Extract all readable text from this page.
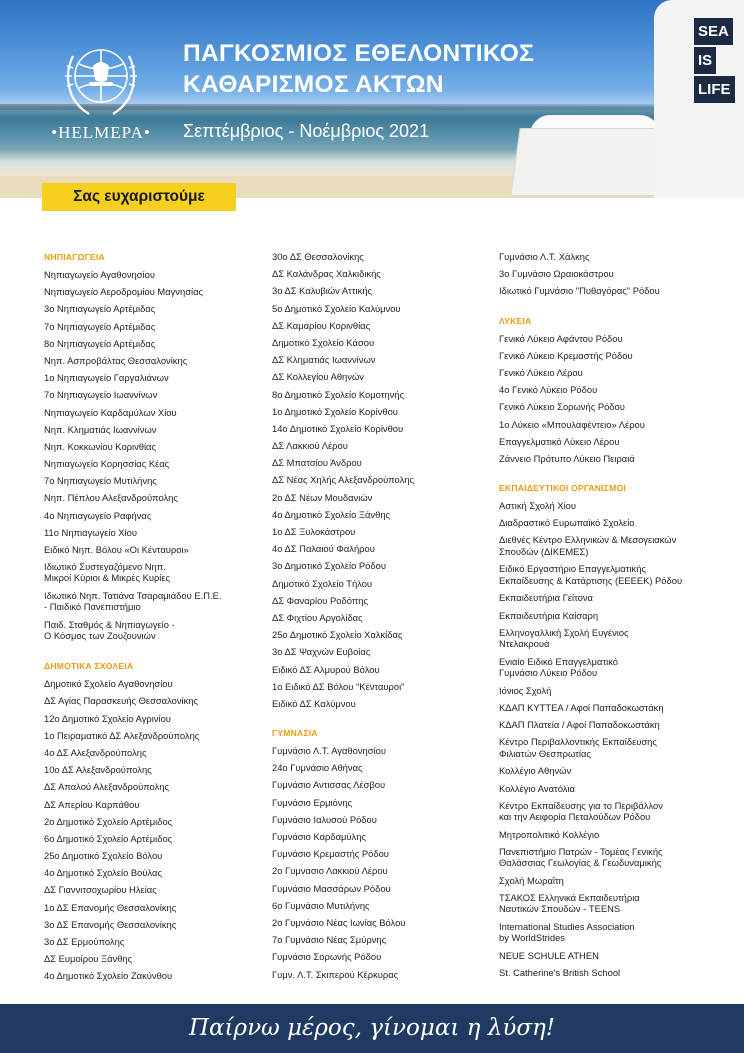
•HELMEPA•
ΠΑΓΚΟΣΜΙΟΣ ΕΘΕΛΟΝΤΙΚΟΣ
ΚΑΘΑΡΙΣΜΟΣ ΑΚΤΩΝ
Σεπτέμβριος - Νοέμβριος 2021
SEA
IS
LIFE
Σας ευχαριστούμε
ΝΗΠΙΑΓΩΓΕΙΑ
Νηπιαγωγείο Αγαθονησίου
Νηπιαγωγείο Αεροδρομίου Μαγνησίας
3ο Νηπιαγωγείο Αρτέμιδας
7ο Νηπιαγωγείο Αρτέμιδας
8ο Νηπιαγωγείο Αρτέμιδας
Νηπ. Ασπροβάλτας Θεσσαλονίκης
1ο Νηπιαγωγείο Γαργαλιάνων
7ο Νηπιαγωγείο Ιωαννίνων
Νηπιαγωγείο Καρδαμύλων Χίου
Νηπ. Κληματιάς Ιωαννίνων
Νηπ. Κοκκωνίου Κορινθίας
Νηπιαγωγείο Κορησσίας Κέας
7ο Νηπιαγωγείο Μυτιλήνης
Νηπ. Πέπλου Αλεξανδρούπολης
4ο Νηπιαγωγείο Ραφήνας
11ο Νηπιαγωγείο Χίου
Ειδικό Νηπ. Βόλου «Οι Κένταυροι»
Ιδιωτικό Συστεγαζόμενο Νηπ.
Μικροί Κύριοι & Μικρές Κυρίες
Ιδιωτικό Νηπ. Τατιάνα Τσαραμιάδου Ε.Π.Ε.
- Παιδικό Πανεπιστήμιο
Παιδ. Σταθμός & Νηπιαγωγείο -
Ο Κόσμος των Ζουζουνιών
ΔΗΜΟΤΙΚΑ ΣΧΟΛΕΙΑ
Δημοτικό Σχολείο Αγαθονησίου
ΔΣ Αγίας Παρασκευής Θεσσαλονίκης
12ο Δημοτικό Σχολείο Αγρινίου
1ο Πειραματικό ΔΣ Αλεξανδρούπολης
4ο ΔΣ Αλεξανδρούπολης
10ο ΔΣ Αλεξανδρούπολης
ΔΣ Απαλού Αλεξανδρούπολης
ΔΣ Απερίου Καρπάθου
2ο Δημοτικό Σχολείο Αρτέμιδος
6ο Δημοτικό Σχολείο Αρτέμιδος
25ο Δημοτικό Σχολείο Βόλου
4ο Δημοτικό Σχολείο Βούλας
ΔΣ Γιαννιτσοχωρίου Ηλείας
1ο ΔΣ Επανομής Θεσσαλονίκης
3ο ΔΣ Επανομής Θεσσαλονίκης
3ο ΔΣ Ερμούπολης
ΔΣ Ευμοίρου Ξάνθης
4ο Δημοτικό Σχολείο Ζακύνθου
30ο ΔΣ Θεσσαλονίκης
ΔΣ Καλάνδρας Χαλκιδικής
3ο ΔΣ Καλυβιών Αττικής
5ο Δημοτικό Σχολείο Καλύμνου
ΔΣ Καμαρίου Κορινθίας
Δημοτικό Σχολείο Κάσου
ΔΣ Κληματιάς Ιωαννίνων
ΔΣ Κολλεγίου Αθηνών
8ο Δημοτικό Σχολείο Κομοτηνής
1ο Δημοτικό Σχολείο Κορίνθου
14ο Δημοτικό Σχολείο Κορίνθου
ΔΣ Λακκιού Λέρου
ΔΣ Μπατσίου Άνδρου
ΔΣ Νέας Χηλής Αλεξανδρούπολης
2ο ΔΣ Νέων Μουδανιών
4ο Δημοτικό Σχολείο Ξάνθης
1ο ΔΣ Ξυλοκάστρου
4ο ΔΣ Παλαιού Φαλήρου
3ο Δημοτικό Σχολείο Ρόδου
Δημοτικό Σχολείο Τήλου
ΔΣ Φαναρίου Ροδόπης
ΔΣ Φιχτίου Αργολίδας
25ο Δημοτικό Σχολείο Χαλκίδας
3ο ΔΣ Ψαχνών Ευβοίας
Ειδικό ΔΣ Αλμυρού Βόλου
1ο Ειδικό ΔΣ Βόλου "Κένταυροι"
Ειδικό ΔΣ Καλύμνου
ΓΥΜΝΑΣΙΑ
Γυμνάσιο Λ.Τ. Αγαθονησίου
24ο Γυμνάσιο Αθήνας
Γυμνάσιο Αντισσας Λέσβου
Γυμνάσιο Ερμιόνης
Γυμνάσιο Ιαλυσού Ρόδου
Γυμνάσιο Καρδαμύλης
Γυμνάσιο Κρεμαστής Ρόδου
2ο Γυμνασιο Λακκιού Λέρου
Γυμνάσιο Μασσάρων Ρόδου
6ο Γυμνάσιο Μυτιλήνης
2ο Γυμνάσιο Νέας Ιωνίας Βόλου
7ο Γυμνάσιο Νέας Σμύρνης
Γυμνάσιο Σορωνής Ρόδου
Γυμν. Λ.Τ. Σκιπερού Κέρκυρας
Γυμνάσιο Λ.Τ. Χάλκης
3ο Γυμνάσιο Ωραιοκάστρου
Ιδιωτικό Γυμνάσιο "Πυθαγόρας" Ρόδου
ΛΥΚΕΙΑ
Γενικό Λύκειο Αφάντου Ρόδου
Γενικό Λύκειο Κρεμαστής Ρόδου
Γενικό Λύκειο Λέρου
4ο Γενικό Λύκειο Ρόδου
Γενικό Λύκειο Σορωνής Ρόδου
1ο Λύκειο «Μπουλαφέντειο» Λέρου
Επαγγελματικό Λύκειο Λέρου
Ζάννειο Πρότυπο Λύκειο Πειραιά
ΕΚΠΑΙΔΕΥΤΙΚΟΙ ΟΡΓΑΝΙΣΜΟΙ
Αστική Σχολή Χίου
Διαδραστικό Ευρωπαϊκό Σχολείο
Διεθνές Κέντρο Ελληνικών & Μεσογειακών
Σπουδών (ΔΙΚΕΜΕΣ)
Ειδικό Εργαστήριο Επαγγελματικής
Εκπαίδευσης & Κατάρτισης (ΕΕΕΕΚ) Ρόδου
Εκπαιδευτήρια Γείτονα
Εκπαιδευτήρια Καίσαρη
Ελληνογαλλική Σχολή Ευγένιος
Ντελακρουά
Ενιαίο Ειδικό Επαγγελματικό
Γυμνάσιο Λύκειο Ρόδου
Ιόνιος Σχολή
ΚΔΑΠ ΚΥΤΤΕΑ / Αφοί Παπαδοκωστάκη
ΚΔΑΠ Πλατεία / Αφοί Παπαδοκωστάκη
Κέντρο Περιβαλλοντικής Εκπαίδευσης
Φιλιατών Θεσπρωτίας
Κολλέγιο Αθηνών
Κολλέγιο Ανατόλια
Κέντρο Εκπαίδευσης για το Περιβάλλον
και την Αειφορία Πεταλούδων Ρόδου
Μητροπολιτικό Κολλέγιο
Πανεπιστήμιο Πατρών - Τομέας Γενικής
Θαλάσσιας Γεωλογίας & Γεωδυναμικής
Σχολή Μωραΐτη
ΤΣΑΚΟΣ Ελληνικά Εκπαιδευτήρια
Ναυτικών Σπουδών - TEENS
International Studies Association
by WorldStrides
NEUE SCHULE ATHEN
St. Catherine's British School
Παίρνω μέρος, γίνομαι η λύση!
